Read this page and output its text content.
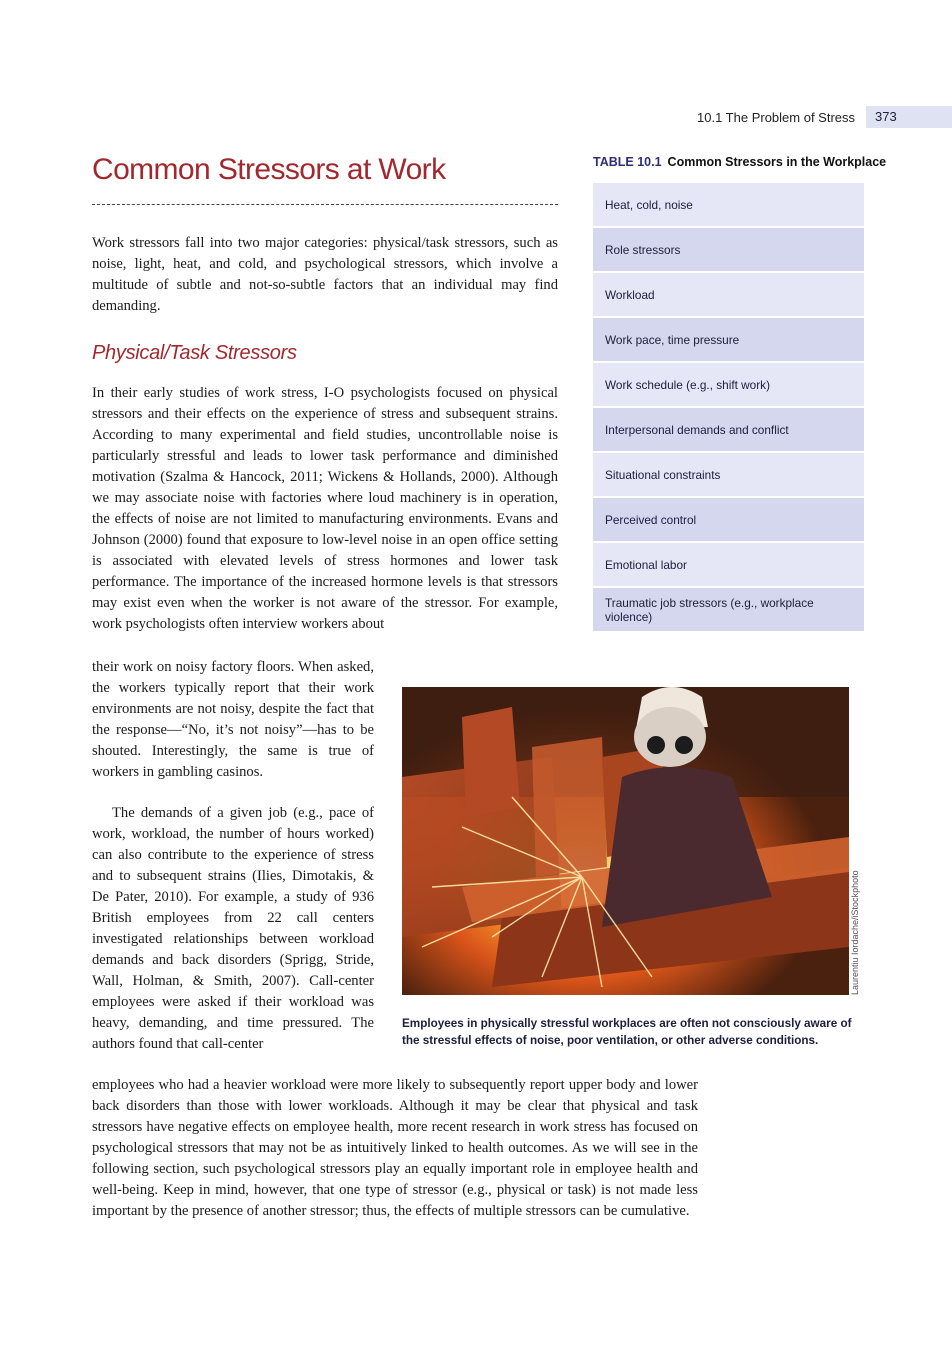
10.1 The Problem of Stress	373
Common Stressors at Work

Work stressors fall into two major categories: physical/task stressors, such as noise, light, heat, and cold, and psychological stressors, which involve a multitude of subtle and not-so-subtle factors that an individual may find demanding.

Physical/Task Stressors

In their early studies of work stress, I-O psychologists focused on physical stressors and their effects on the experience of stress and subsequent strains. According to many experimental and field studies, uncontrollable noise is particularly stressful and leads to lower task performance and diminished motivation (Szalma & Hancock, 2011; Wickens & Hollands, 2000). Although we may associate noise with factories where loud machinery is in operation, the effects of noise are not limited to manufacturing environments. Evans and Johnson (2000) found that exposure to low-level noise in an open office setting is associated with elevated levels of stress hormones and lower task performance. The importance of the increased hormone levels is that stressors may exist even when the worker is not aware of the stressor. For example, work psychologists often interview workers about

their work on noisy factory floors. When asked, the workers typically report that their work environments are not noisy, despite the fact that the response—“No, it’s not noisy”—has to be shouted. Interestingly, the same is true of workers in gambling casinos.

The demands of a given job (e.g., pace of work, workload, the number of hours worked) can also contribute to the experience of stress and to subsequent strains (Ilies, Dimotakis, & De Pater, 2010). For example, a study of 936 British employees from 22 call centers investigated relationships between workload demands and back disorders (Sprigg, Stride, Wall, Holman, & Smith, 2007). Call-center employees were asked if their workload was heavy, demanding, and time pressured. The authors found that call-center

employees who had a heavier workload were more likely to subsequently report upper body and lower back disorders than those with lower workloads. Although it may be clear that physical and task stressors have negative effects on employee health, more recent research in work stress has focused on psychological stressors that may not be as intuitively linked to health outcomes. As we will see in the following section, such psychological stressors play an equally important role in employee health and well-being. Keep in mind, however, that one type of stressor (e.g., physical or task) is not made less important by the presence of another stressor; thus, the effects of multiple stressors can be cumulative.

TABLE 10.1 Common Stressors in the Workplace
Heat, cold, noise
Role stressors
Workload
Work pace, time pressure
Work schedule (e.g., shift work)
Interpersonal demands and conflict
Situational constraints
Perceived control
Emotional labor
Traumatic job stressors (e.g., workplace violence)
Laurentiu Iordache/iStockphoto
Employees in physically stressful workplaces are often not consciously aware of the stressful effects of noise, poor ventilation, or other adverse conditions.
